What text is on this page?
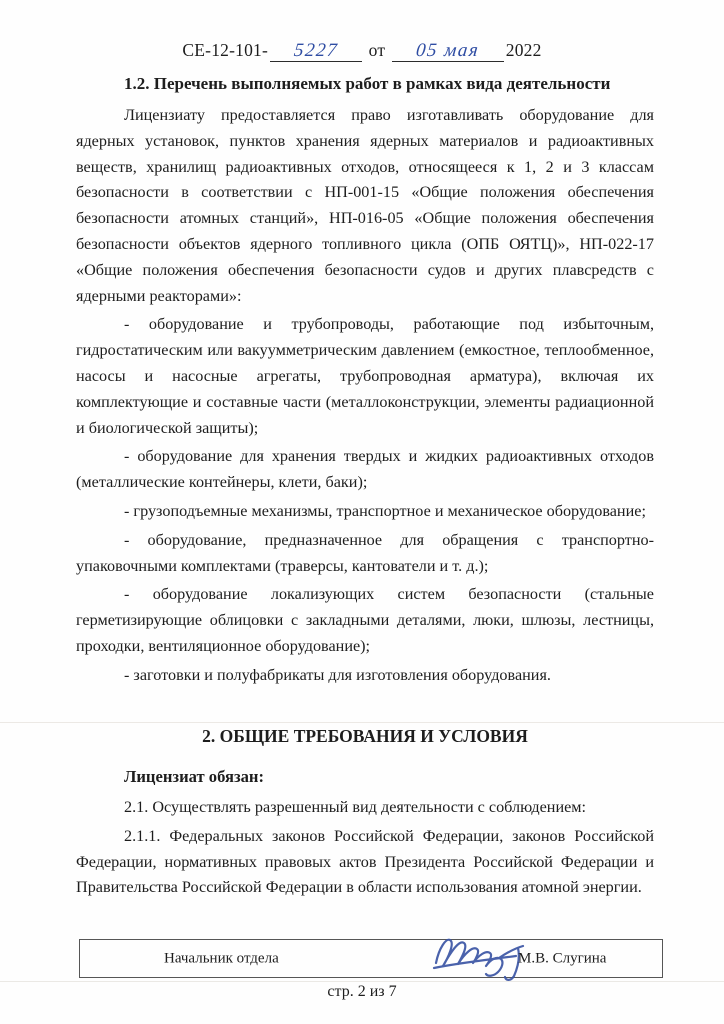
СЕ-12-101- 5227 от 05 мая 2022
1.2. Перечень выполняемых работ в рамках вида деятельности

Лицензиату предоставляется право изготавливать оборудование для ядерных установок, пунктов хранения ядерных материалов и радиоактивных веществ, хранилищ радиоактивных отходов, относящееся к 1, 2 и 3 классам безопасности в соответствии с НП-001-15 «Общие положения обеспечения безопасности атомных станций», НП-016-05 «Общие положения обеспечения безопасности объектов ядерного топливного цикла (ОПБ ОЯТЦ)», НП-022-17 «Общие положения обеспечения безопасности судов и других плавсредств с ядерными реакторами»:

- оборудование и трубопроводы, работающие под избыточным, гидростатическим или вакуумметрическим давлением (емкостное, теплообменное, насосы и насосные агрегаты, трубопроводная арматура), включая их комплектующие и составные части (металлоконструкции, элементы радиационной и биологической защиты);

- оборудование для хранения твердых и жидких радиоактивных отходов (металлические контейнеры, клети, баки);

- грузоподъемные механизмы, транспортное и механическое оборудование;

- оборудование, предназначенное для обращения с транспортно-упаковочными комплектами (траверсы, кантователи и т. д.);

- оборудование локализующих систем безопасности (стальные герметизирующие облицовки с закладными деталями, люки, шлюзы, лестницы, проходки, вентиляционное оборудование);

- заготовки и полуфабрикаты для изготовления оборудования.

2. ОБЩИЕ ТРЕБОВАНИЯ И УСЛОВИЯ
Лицензиат обязан:

2.1. Осуществлять разрешенный вид деятельности с соблюдением:

2.1.1. Федеральных законов Российской Федерации, законов Российской Федерации, нормативных правовых актов Президента Российской Федерации и Правительства Российской Федерации в области использования атомной энергии.

Начальник отдела	М.В. Слугина
стр. 2 из 7
